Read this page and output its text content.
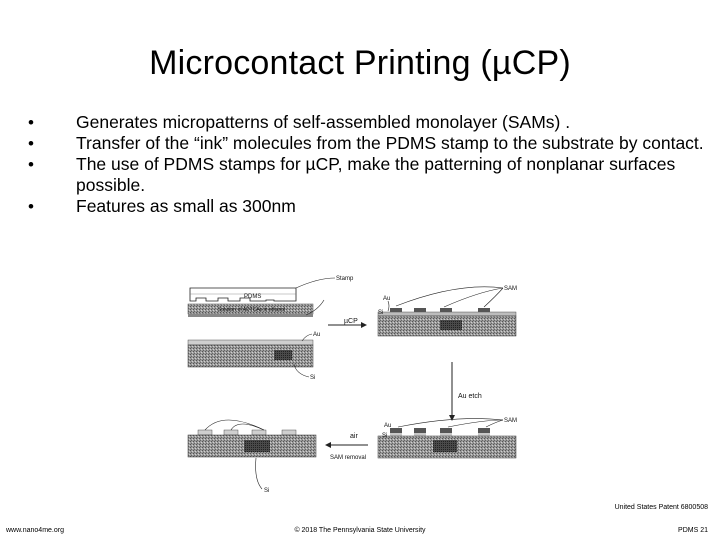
Microcontact Printing (µCP)
• Generates micropatterns of self-assembled monolayer (SAMs) .
• Transfer of the “ink” molecules from the PDMS stamp to the substrate by contact.
• The use of PDMS stamps for µCP, make the patterning of nonplanar surfaces possible.
• Features as small as 300nm
PDMS
Solution of ADTCAs in ethanol
Stamp
Au
Si
µCP
SAM
Au
Si
Au etch
SAM
Au
Si
air
SAM removal
Si
United States Patent 6800508
www.nano4me.org	© 2018 The Pennsylvania State University	PDMS 21
